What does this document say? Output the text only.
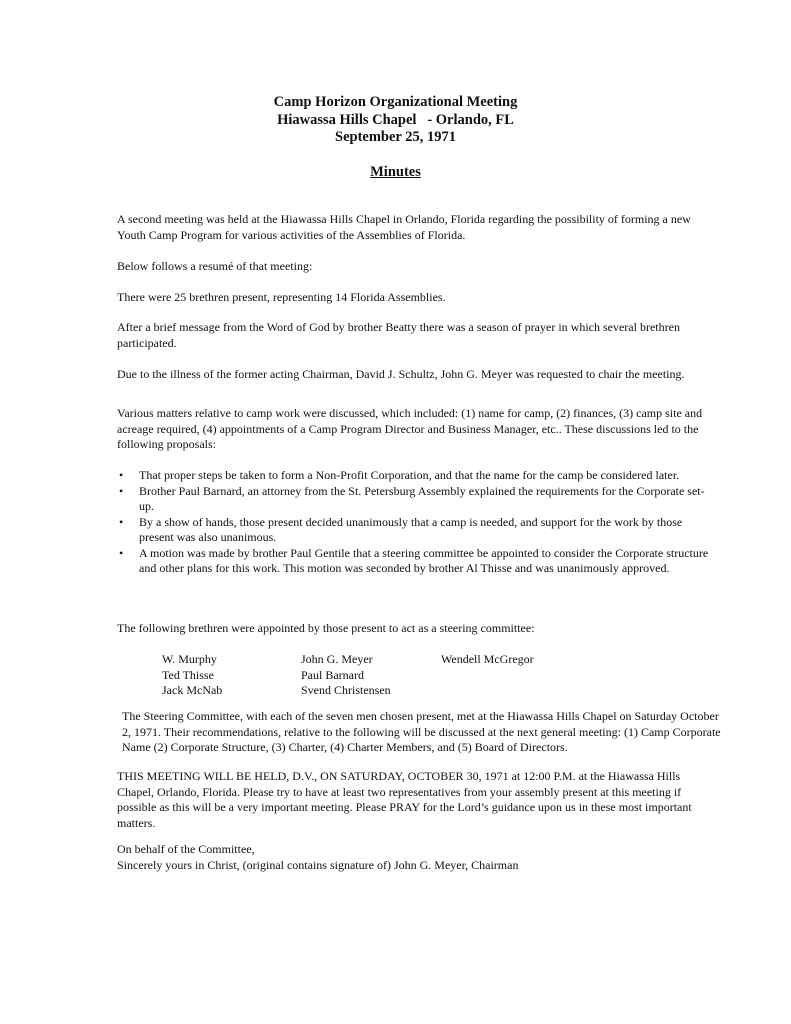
Camp Horizon Organizational Meeting
Hiawassa Hills Chapel   - Orlando, FL
September 25, 1971
Minutes
A second meeting was held at the Hiawassa Hills Chapel in Orlando, Florida regarding the possibility of forming a new Youth Camp Program for various activities of the Assemblies of Florida.
Below follows a resumé of that meeting:
There were 25 brethren present, representing 14 Florida Assemblies.
After a brief message from the Word of God by brother Beatty there was a season of prayer in which several brethren participated.
Due to the illness of the former acting Chairman, David J. Schultz, John G. Meyer was requested to chair the meeting.
Various matters relative to camp work were discussed, which included: (1) name for camp, (2) finances, (3) camp site and acreage required, (4) appointments of a Camp Program Director and Business Manager, etc.. These discussions led to the following proposals:
• That proper steps be taken to form a Non-Profit Corporation, and that the name for the camp be considered later.
• Brother Paul Barnard, an attorney from the St. Petersburg Assembly explained the requirements for the Corporate set-up.
• By a show of hands, those present decided unanimously that a camp is needed, and support for the work by those present was also unanimous.
• A motion was made by brother Paul Gentile that a steering committee be appointed to consider the Corporate structure and other plans for this work. This motion was seconded by brother Al Thisse and was unanimously approved.
The following brethren were appointed by those present to act as a steering committee:
W. Murphy
Ted Thisse
Jack McNab
John G. Meyer
Paul Barnard
Svend Christensen
Wendell McGregor
The Steering Committee, with each of the seven men chosen present, met at the Hiawassa Hills Chapel on Saturday October 2, 1971. Their recommendations, relative to the following will be discussed at the next general meeting: (1) Camp Corporate Name (2) Corporate Structure, (3) Charter, (4) Charter Members, and (5) Board of Directors.
THIS MEETING WILL BE HELD, D.V., ON SATURDAY, OCTOBER 30, 1971 at 12:00 P.M. at the Hiawassa Hills Chapel, Orlando, Florida. Please try to have at least two representatives from your assembly present at this meeting if possible as this will be a very important meeting. Please PRAY for the Lord’s guidance upon us in these most important matters.
On behalf of the Committee,
Sincerely yours in Christ, (original contains signature of) John G. Meyer, Chairman
